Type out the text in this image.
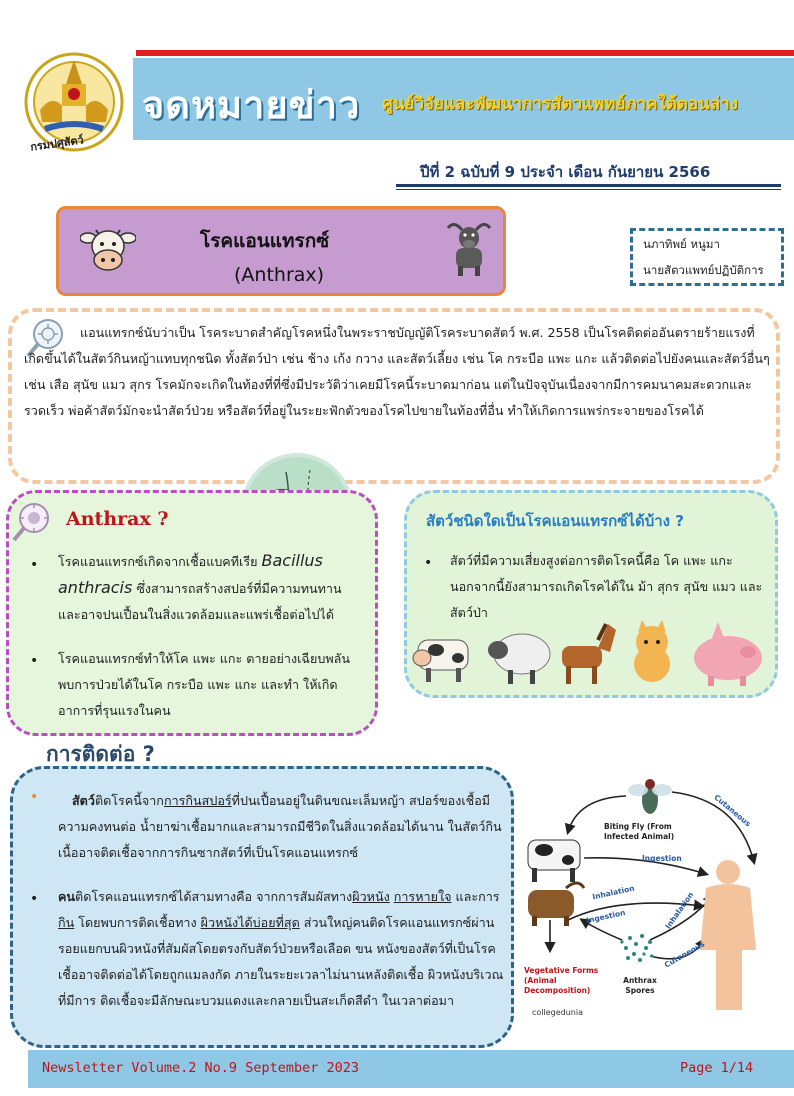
กรมปศุสัตว์
จดหมายข่าว ศูนย์วิจัยและพัฒนาการสัตวแพทย์ภาคใต้ตอนล่าง
ปีที่ 2 ฉบับที่ 9 ประจำ เดือน กันยายน 2566
โรคแอนแทรกซ์
(Anthrax)
นภาทิพย์ หนูมา
นายสัตวแพทย์ปฏิบัติการ
แอนแทรกซ์นับว่าเป็น โรคระบาดสำคัญโรคหนึ่งในพระราชบัญญัติโรคระบาดสัตว์ พ.ศ. 2558 เป็นโรคติดต่ออันตรายร้ายแรงที่เกิดขึ้นได้ในสัตว์กินหญ้าแทบทุกชนิด ทั้งสัตว์ป่า เช่น ช้าง เก้ง กวาง และสัตว์เลี้ยง เช่น โค กระบือ แพะ แกะ แล้วติดต่อไปยังคนและสัตว์อื่นๆ เช่น เสือ สุนัข แมว สุกร โรคมักจะเกิดในท้องที่ที่ซึ่งมีประวัติว่าเคยมีโรคนี้ระบาดมาก่อน แต่ในปัจจุบันเนื่องจากมีการคมนาคมสะดวกและรวดเร็ว พ่อค้าสัตว์มักจะนำสัตว์ป่วย หรือสัตว์ที่อยู่ในระยะฟักตัวของโรคไปขายในท้องที่อื่น ทำให้เกิดการแพร่กระจายของโรคได้
Anthrax ?
• โรคแอนแทรกซ์เกิดจากเชื้อแบคทีเรีย Bacillus anthracis ซึ่งสามารถสร้างสปอร์ที่มีความทนทาน และอาจปนเปื้อนในสิ่งแวดล้อมและแพร่เชื้อต่อไปได้
• โรคแอนแทรกซ์ทำให้โค แพะ แกะ ตายอย่างเฉียบพลัน พบการป่วยได้ในโค กระบือ แพะ แกะ และทำ ให้เกิดอาการที่รุนแรงในคน
สัตว์ชนิดใดเป็นโรคแอนแทรกซ์ได้บ้าง ?
• สัตว์ที่มีความเสี่ยงสูงต่อการติดโรคนี้คือ โค แพะ แกะ นอกจากนี้ยังสามารถเกิดโรคได้ใน ม้า สุกร สุนัข แมว และสัตว์ป่า
การติดต่อ ?
•	สัตว์ติดโรคนี้จากการกินสปอร์ที่ปนเปื้อนอยู่ในดินขณะเล็มหญ้า สปอร์ของเชื้อมีความคงทนต่อ น้ำยาฆ่าเชื้อมากและสามารถมีชีวิตในสิ่งแวดล้อมได้นาน ในสัตว์กินเนื้ออาจติดเชื้อจากการกินซากสัตว์ที่เป็นโรคแอนแทรกซ์
• คนติดโรคแอนแทรกซ์ได้สามทางคือ จากการสัมผัสทางผิวหนัง การหายใจ และการกิน โดยพบการติดเชื้อทาง ผิวหนังได้บ่อยที่สุด ส่วนใหญ่คนติดโรคแอนแทรกซ์ผ่านรอยแยกบนผิวหนังที่สัมผัสโดยตรงกับสัตว์ป่วยหรือเลือด ขน หนังของสัตว์ที่เป็นโรค เชื้ออาจติดต่อได้โดยถูกแมลงกัด ภายในระยะเวลาไม่นานหลังติดเชื้อ ผิวหนังบริเวณที่มีการ ติดเชื้อจะมีลักษณะบวมแดงและกลายเป็นสะเก็ดสีดำ ในเวลาต่อมา
Biting Fly (From Infected Animal)
Cutaneous
Ingestion
Inhalation
Ingestion	Inhalation
Cutaneous
Vegetative Forms (Animal Decomposition)
Anthrax Spores
collegedunia
Newsletter Volume.2 No.9 September 2023	Page 1/14
